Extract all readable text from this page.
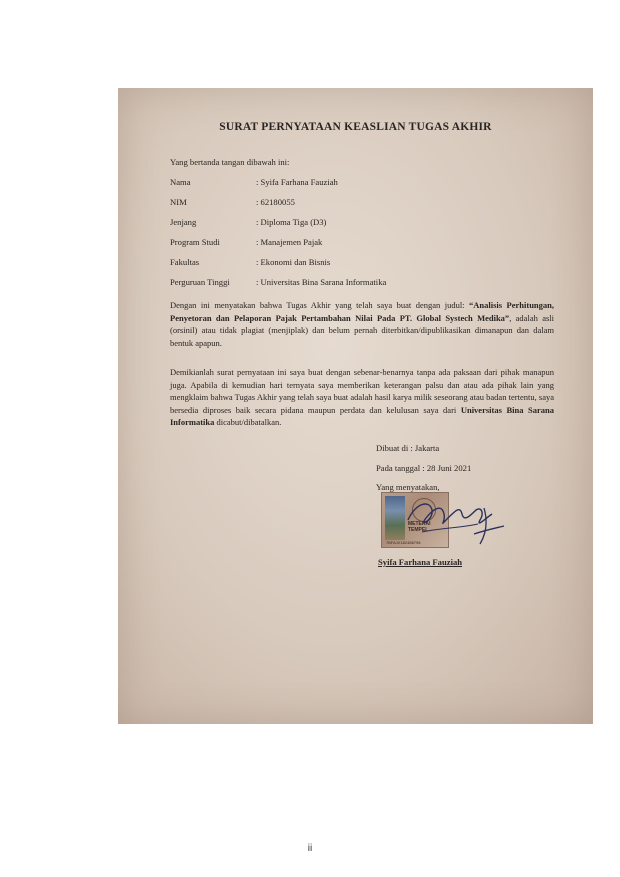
SURAT PERNYATAAN KEASLIAN TUGAS AKHIR
Yang bertanda tangan dibawah ini:
Nama	: Syifa Farhana Fauziah
NIM	: 62180055
Jenjang	: Diploma Tiga (D3)
Program Studi	: Manajemen Pajak
Fakultas	: Ekonomi dan Bisnis
Perguruan Tinggi	: Universitas Bina Sarana Informatika
Dengan ini menyatakan bahwa Tugas Akhir yang telah saya buat dengan judul: “Analisis Perhitungan, Penyetoran dan Pelaporan Pajak Pertambahan Nilai Pada PT. Global Systech Medika”, adalah asli (orsinil) atau tidak plagiat (menjiplak) dan belum pernah diterbitkan/dipublikasikan dimanapun dan dalam bentuk apapun.
Demikianlah surat pernyataan ini saya buat dengan sebenar-benarnya tanpa ada paksaan dari pihak manapun juga. Apabila di kemudian hari ternyata saya memberikan keterangan palsu dan atau ada pihak lain yang mengklaim bahwa Tugas Akhir yang telah saya buat adalah hasil karya milik seseorang atau badan tertentu, saya bersedia diproses baik secara pidana maupun perdata dan kelulusan saya dari Universitas Bina Sarana Informatika dicabut/dibatalkan.
Dibuat di : Jakarta
Pada tanggal : 28 Juni 2021
Yang menyatakan,
METERAI TEMPEL
7BFAJX182486798
Syifa Farhana Fauziah
ii
